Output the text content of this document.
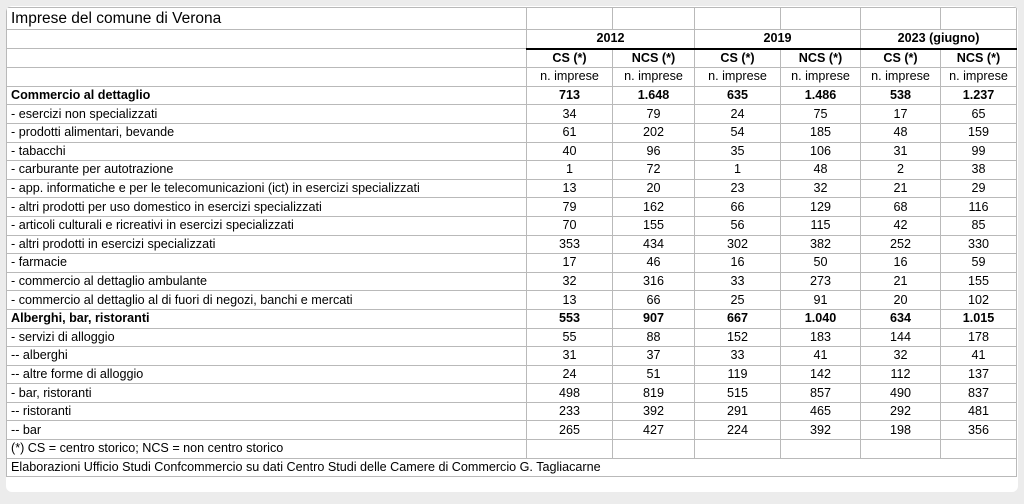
Imprese del comune di Verona						
	2012		2019		2023 (giugno)	
	CS (*)	NCS (*)	CS (*)	NCS (*)	CS (*)	NCS (*)
	n. imprese	n. imprese	n. imprese	n. imprese	n. imprese	n. imprese
Commercio al dettaglio	713	1.648	635	1.486	538	1.237
- esercizi non specializzati	34	79	24	75	17	65
- prodotti alimentari, bevande	61	202	54	185	48	159
- tabacchi	40	96	35	106	31	99
- carburante per autotrazione	1	72	1	48	2	38
- app. informatiche e per le telecomunicazioni (ict) in esercizi specializzati	13	20	23	32	21	29
- altri prodotti per uso domestico in esercizi specializzati	79	162	66	129	68	116
- articoli culturali e ricreativi in esercizi specializzati	70	155	56	115	42	85
- altri prodotti in esercizi specializzati	353	434	302	382	252	330
- farmacie	17	46	16	50	16	59
- commercio al dettaglio ambulante	32	316	33	273	21	155
- commercio al dettaglio al di fuori di negozi, banchi e mercati	13	66	25	91	20	102
Alberghi, bar, ristoranti	553	907	667	1.040	634	1.015
- servizi di alloggio	55	88	152	183	144	178
-- alberghi	31	37	33	41	32	41
-- altre forme di alloggio	24	51	119	142	112	137
- bar, ristoranti	498	819	515	857	490	837
-- ristoranti	233	392	291	465	292	481
-- bar	265	427	224	392	198	356
(*) CS = centro storico; NCS = non centro storico						
Elaborazioni Ufficio Studi Confcommercio su dati Centro Studi delle Camere di Commercio G. Tagliacarne						
